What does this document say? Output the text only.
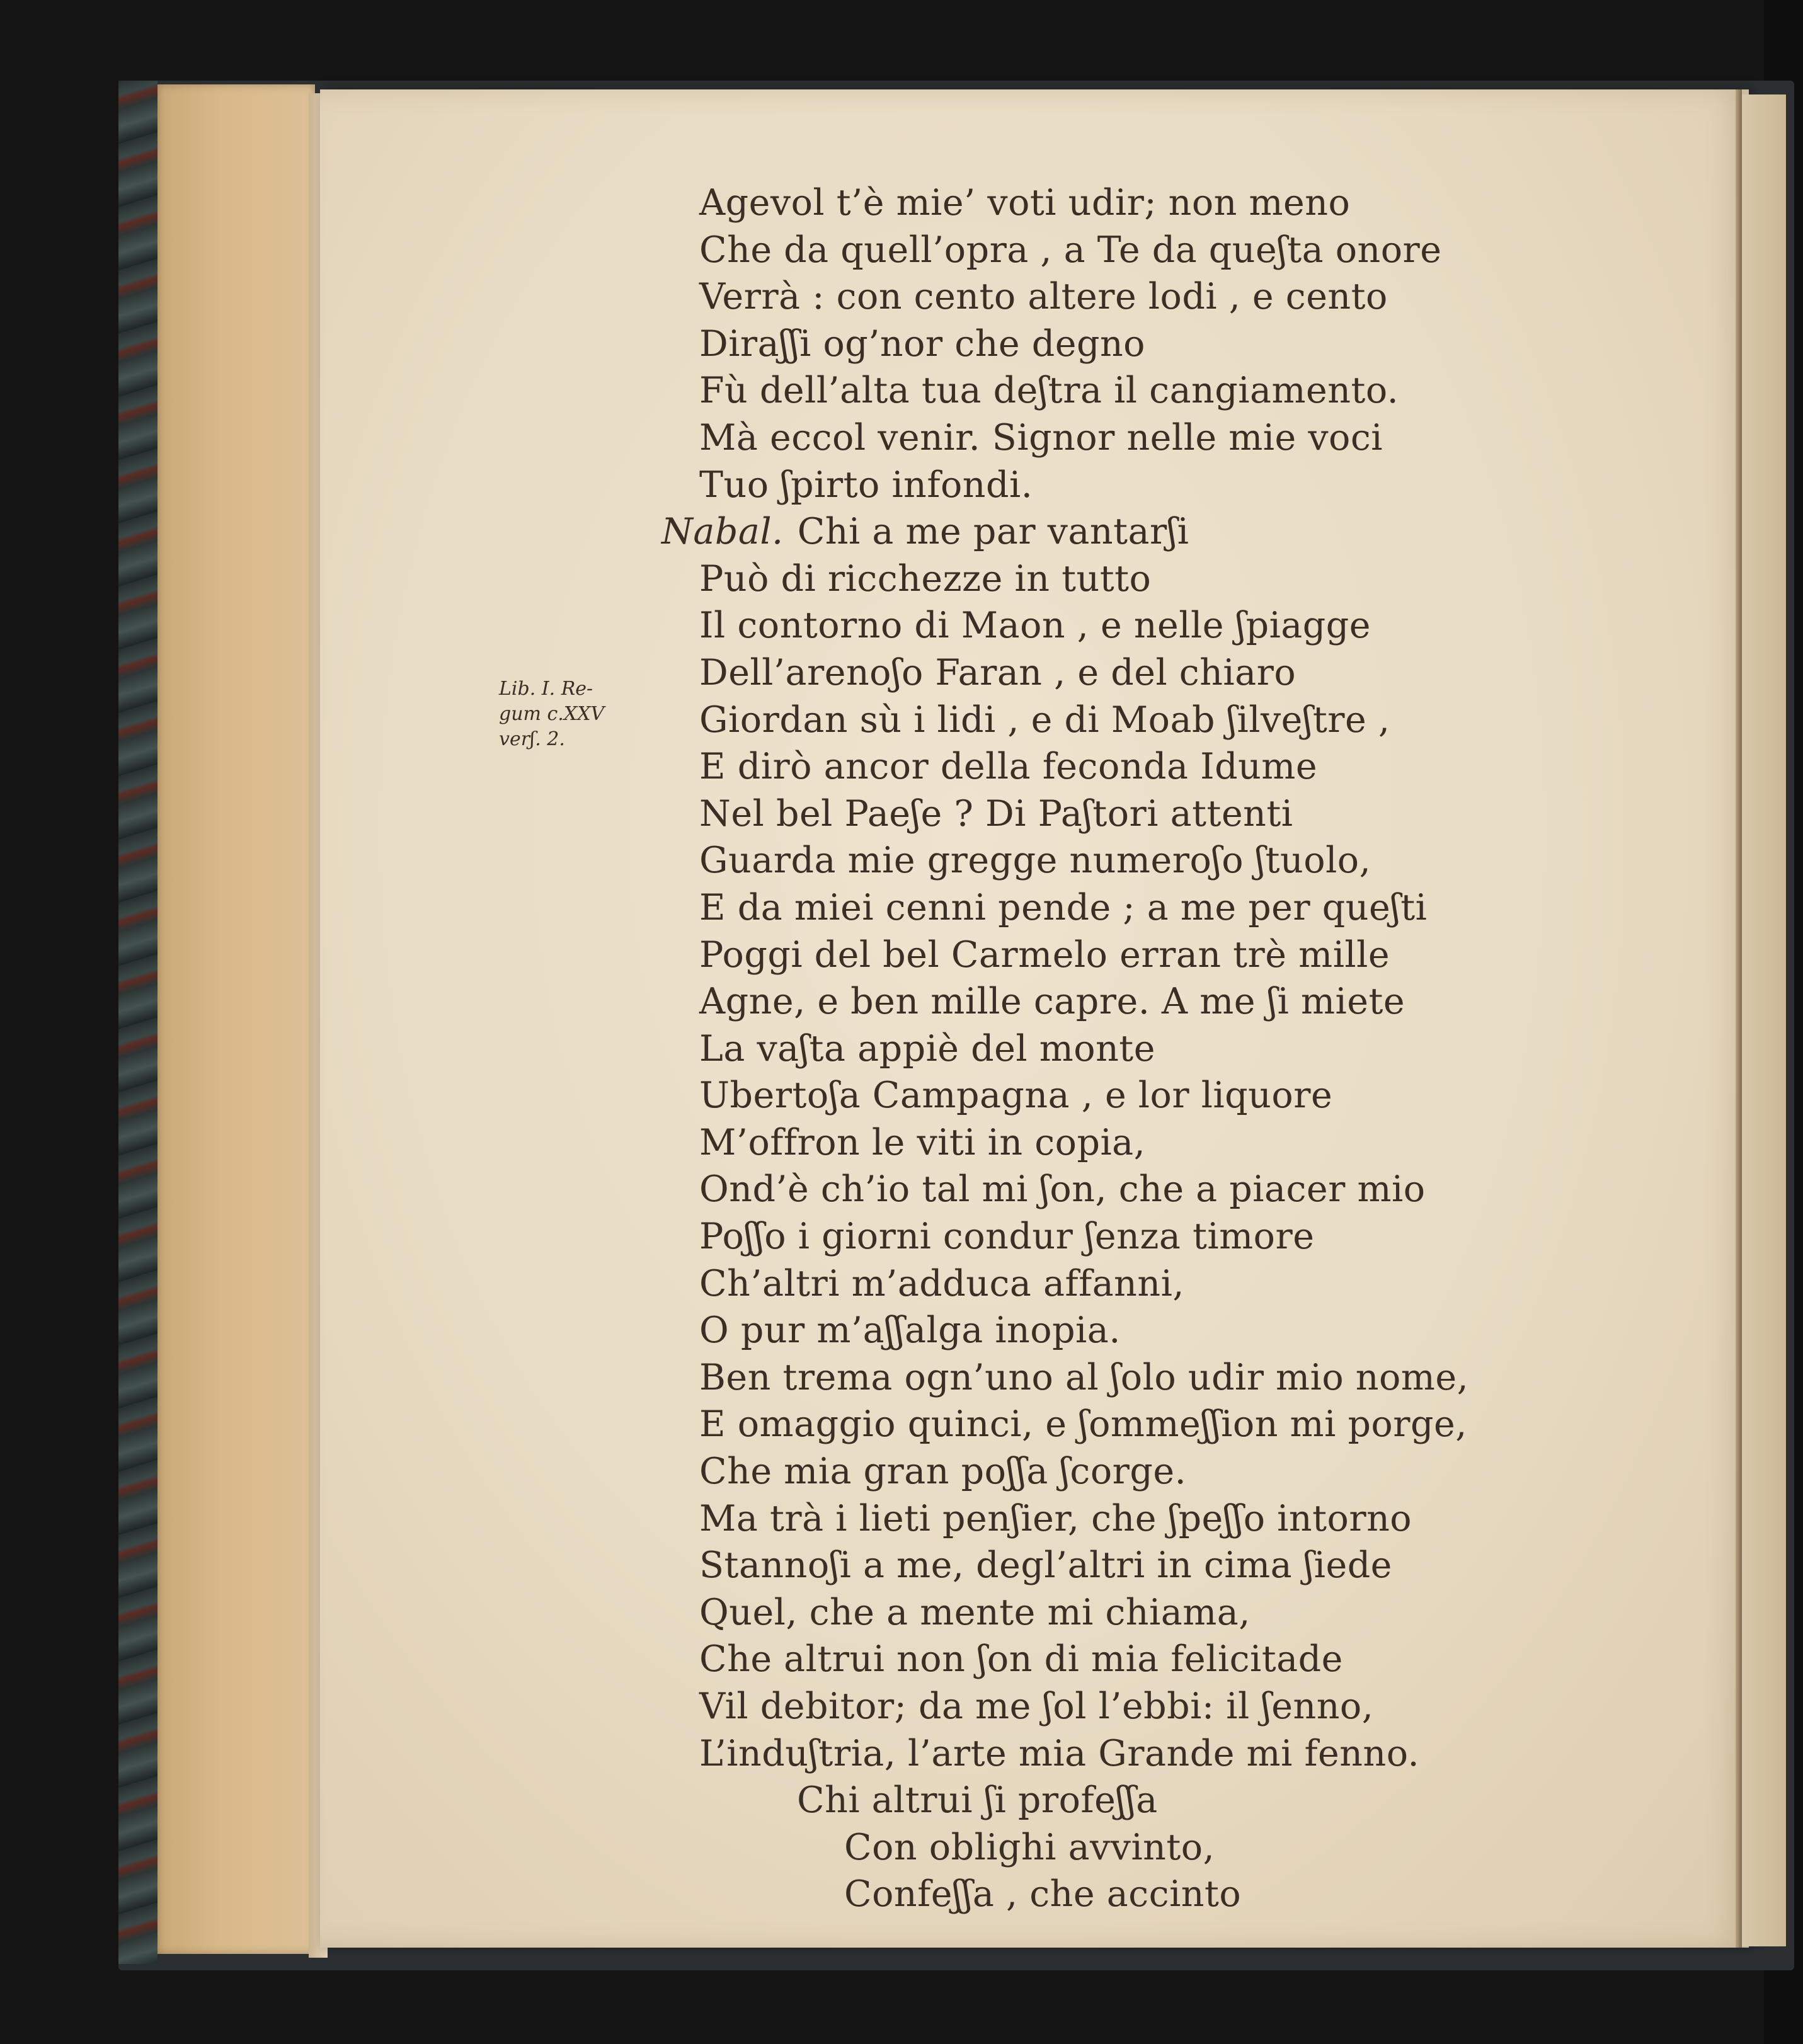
Lib. I. Re-
gum c.XXV
verʃ. 2.
Agevol t’è mie’ voti udir; non meno
Che da quell’opra , a Te da queʃta onore
Verrà : con cento altere lodi , e cento
Diraʃʃi og’nor che degno
Fù dell’alta tua deʃtra il cangiamento.
Mà eccol venir. Signor nelle mie voci
Tuo ʃpirto infondi.
Nabal. Chi a me par vantarʃi
Può di ricchezze in tutto
Il contorno di Maon , e nelle ʃpiagge
Dell’arenoʃo Faran , e del chiaro
Giordan sù i lidi , e di Moab ʃilveʃtre ,
E dirò ancor della feconda Idume
Nel bel Paeʃe ? Di Paʃtori attenti
Guarda mie gregge numeroʃo ʃtuolo,
E da miei cenni pende ; a me per queʃti
Poggi del bel Carmelo erran trè mille
Agne, e ben mille capre. A me ʃi miete
La vaʃta appiè del monte
Ubertoʃa Campagna , e lor liquore
M’offron le viti in copia,
Ond’è ch’io tal mi ʃon, che a piacer mio
Poʃʃo i giorni condur ʃenza timore
Ch’altri m’adduca affanni,
O pur m’aʃʃalga inopia.
Ben trema ogn’uno al ʃolo udir mio nome,
E omaggio quinci, e ʃommeʃʃion mi porge,
Che mia gran poʃʃa ʃcorge.
Ma trà i lieti penʃier, che ʃpeʃʃo intorno
Stannoʃi a me, degl’altri in cima ʃiede
Quel, che a mente mi chiama,
Che altrui non ʃon di mia felicitade
Vil debitor; da me ʃol l’ebbi: il ʃenno,
L’induʃtria, l’arte mia Grande mi fenno.
Chi altrui ʃi profeʃʃa
Con oblighi avvinto,
Confeʃʃa , che accinto
